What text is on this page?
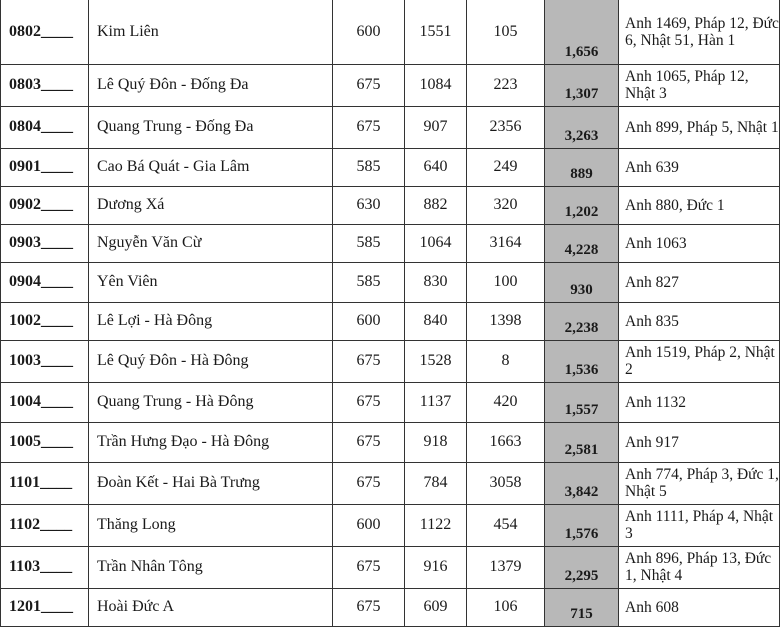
0802____	Kim Liên	600	1551	105	1,656	Anh 1469, Pháp 12, Đức 6, Nhật 51, Hàn 1
0803____	Lê Quý Đôn - Đống Đa	675	1084	223	1,307	Anh 1065, Pháp 12, Nhật 3
0804____	Quang Trung - Đống Đa	675	907	2356	3,263	Anh 899, Pháp 5, Nhật 1
0901____	Cao Bá Quát - Gia Lâm	585	640	249	889	Anh 639
0902____	Dương Xá	630	882	320	1,202	Anh 880, Đức 1
0903____	Nguyễn Văn Cừ	585	1064	3164	4,228	Anh 1063
0904____	Yên Viên	585	830	100	930	Anh 827
1002____	Lê Lợi - Hà Đông	600	840	1398	2,238	Anh 835
1003____	Lê Quý Đôn - Hà Đông	675	1528	8	1,536	Anh 1519, Pháp 2, Nhật 2
1004____	Quang Trung - Hà Đông	675	1137	420	1,557	Anh 1132
1005____	Trần Hưng Đạo - Hà Đông	675	918	1663	2,581	Anh 917
1101____	Đoàn Kết - Hai Bà Trưng	675	784	3058	3,842	Anh 774, Pháp 3, Đức 1, Nhật 5
1102____	Thăng Long	600	1122	454	1,576	Anh 1111, Pháp 4, Nhật 3
1103____	Trần Nhân Tông	675	916	1379	2,295	Anh 896, Pháp 13, Đức 1, Nhật 4
1201____	Hoài Đức A	675	609	106	715	Anh 608
